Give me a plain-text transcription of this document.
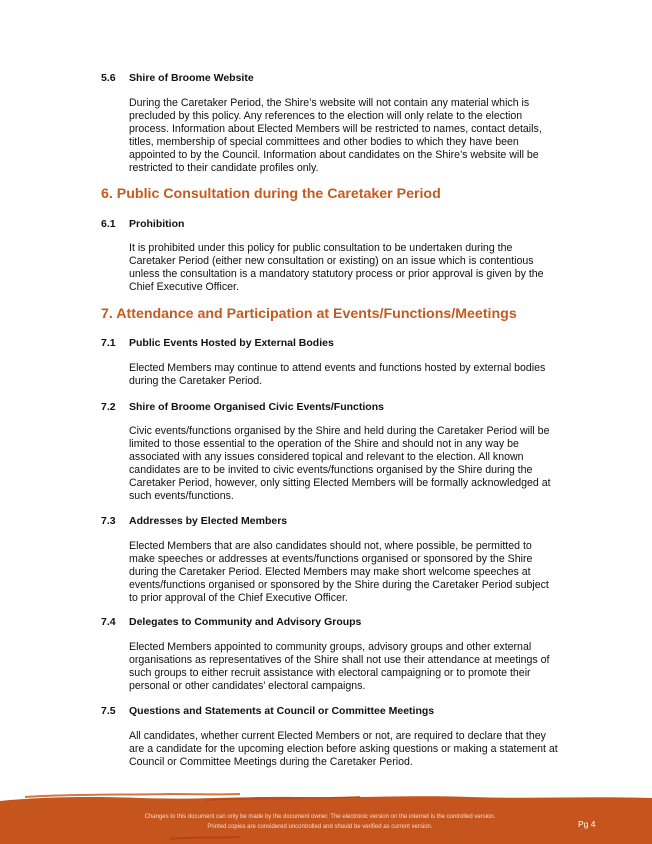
5.6 Shire of Broome Website

During the Caretaker Period, the Shire’s website will not contain any material which is precluded by this policy. Any references to the election will only relate to the election process. Information about Elected Members will be restricted to names, contact details, titles, membership of special committees and other bodies to which they have been appointed to by the Council. Information about candidates on the Shire’s website will be restricted to their candidate profiles only.

6. Public Consultation during the Caretaker Period
6.1 Prohibition

It is prohibited under this policy for public consultation to be undertaken during the Caretaker Period (either new consultation or existing) on an issue which is contentious unless the consultation is a mandatory statutory process or prior approval is given by the Chief Executive Officer.

7. Attendance and Participation at Events/Functions/Meetings
7.1 Public Events Hosted by External Bodies

Elected Members may continue to attend events and functions hosted by external bodies during the Caretaker Period.

7.2 Shire of Broome Organised Civic Events/Functions

Civic events/functions organised by the Shire and held during the Caretaker Period will be limited to those essential to the operation of the Shire and should not in any way be associated with any issues considered topical and relevant to the election. All known candidates are to be invited to civic events/functions organised by the Shire during the Caretaker Period, however, only sitting Elected Members will be formally acknowledged at such events/functions.

7.3 Addresses by Elected Members

Elected Members that are also candidates should not, where possible, be permitted to make speeches or addresses at events/functions organised or sponsored by the Shire during the Caretaker Period. Elected Members may make short welcome speeches at events/functions organised or sponsored by the Shire during the Caretaker Period subject to prior approval of the Chief Executive Officer.

7.4 Delegates to Community and Advisory Groups

Elected Members appointed to community groups, advisory groups and other external organisations as representatives of the Shire shall not use their attendance at meetings of such groups to either recruit assistance with electoral campaigning or to promote their personal or other candidates’ electoral campaigns.

7.5 Questions and Statements at Council or Committee Meetings

All candidates, whether current Elected Members or not, are required to declare that they are a candidate for the upcoming election before asking questions or making a statement at Council or Committee Meetings during the Caretaker Period.

Changes to this document can only be made by the document owner. The electronic version on the internet is the controlled version.
Printed copies are considered uncontrolled and should be verified as current version.	Pg 4
